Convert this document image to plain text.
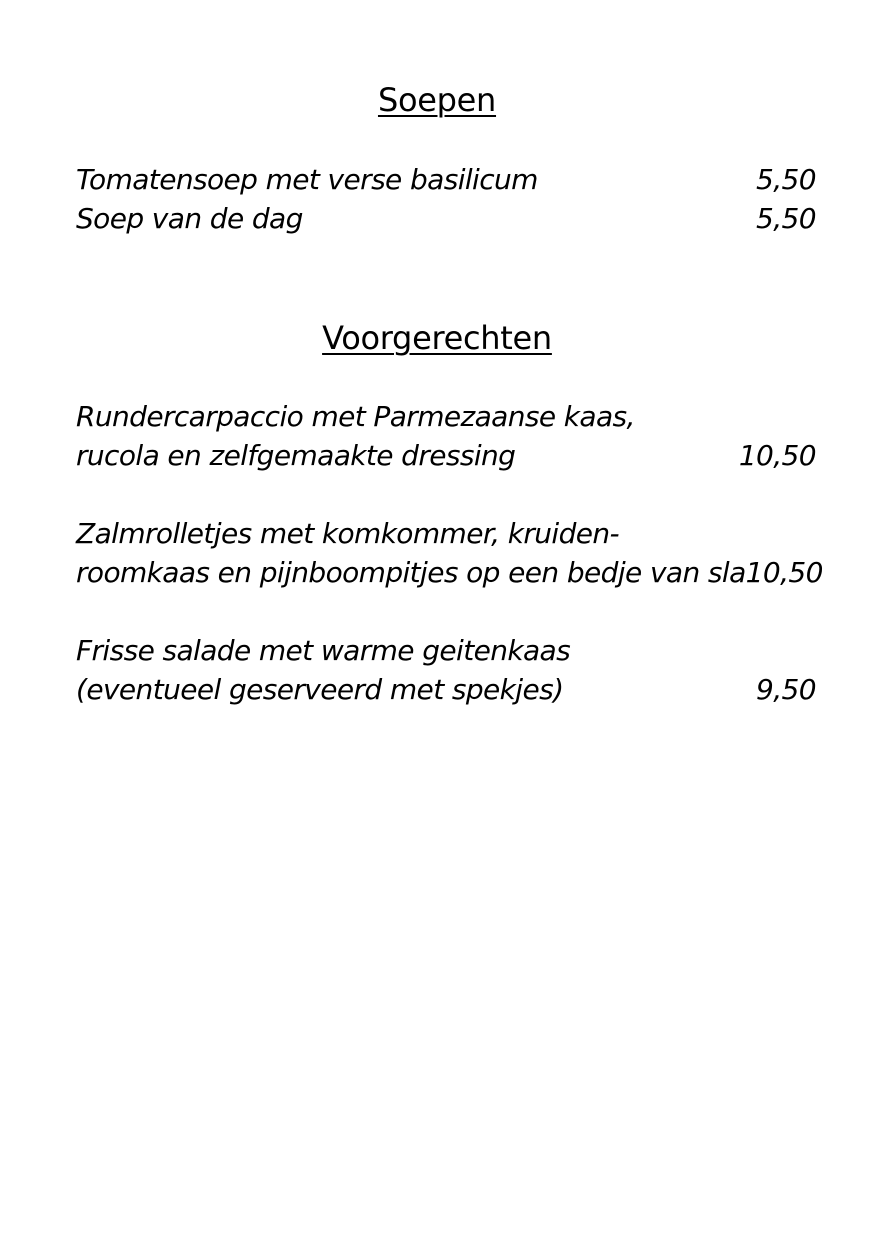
Soepen
Tomatensoep met verse basilicum	5,50
Soep van de dag	5,50
Voorgerechten
Rundercarpaccio met Parmezaanse kaas,
rucola en zelfgemaakte dressing	10,50
Zalmrolletjes met komkommer, kruiden-
roomkaas en pijnboompitjes op een bedje van sla 10,50
Frisse salade met warme geitenkaas
(eventueel geserveerd met spekjes)	9,50
